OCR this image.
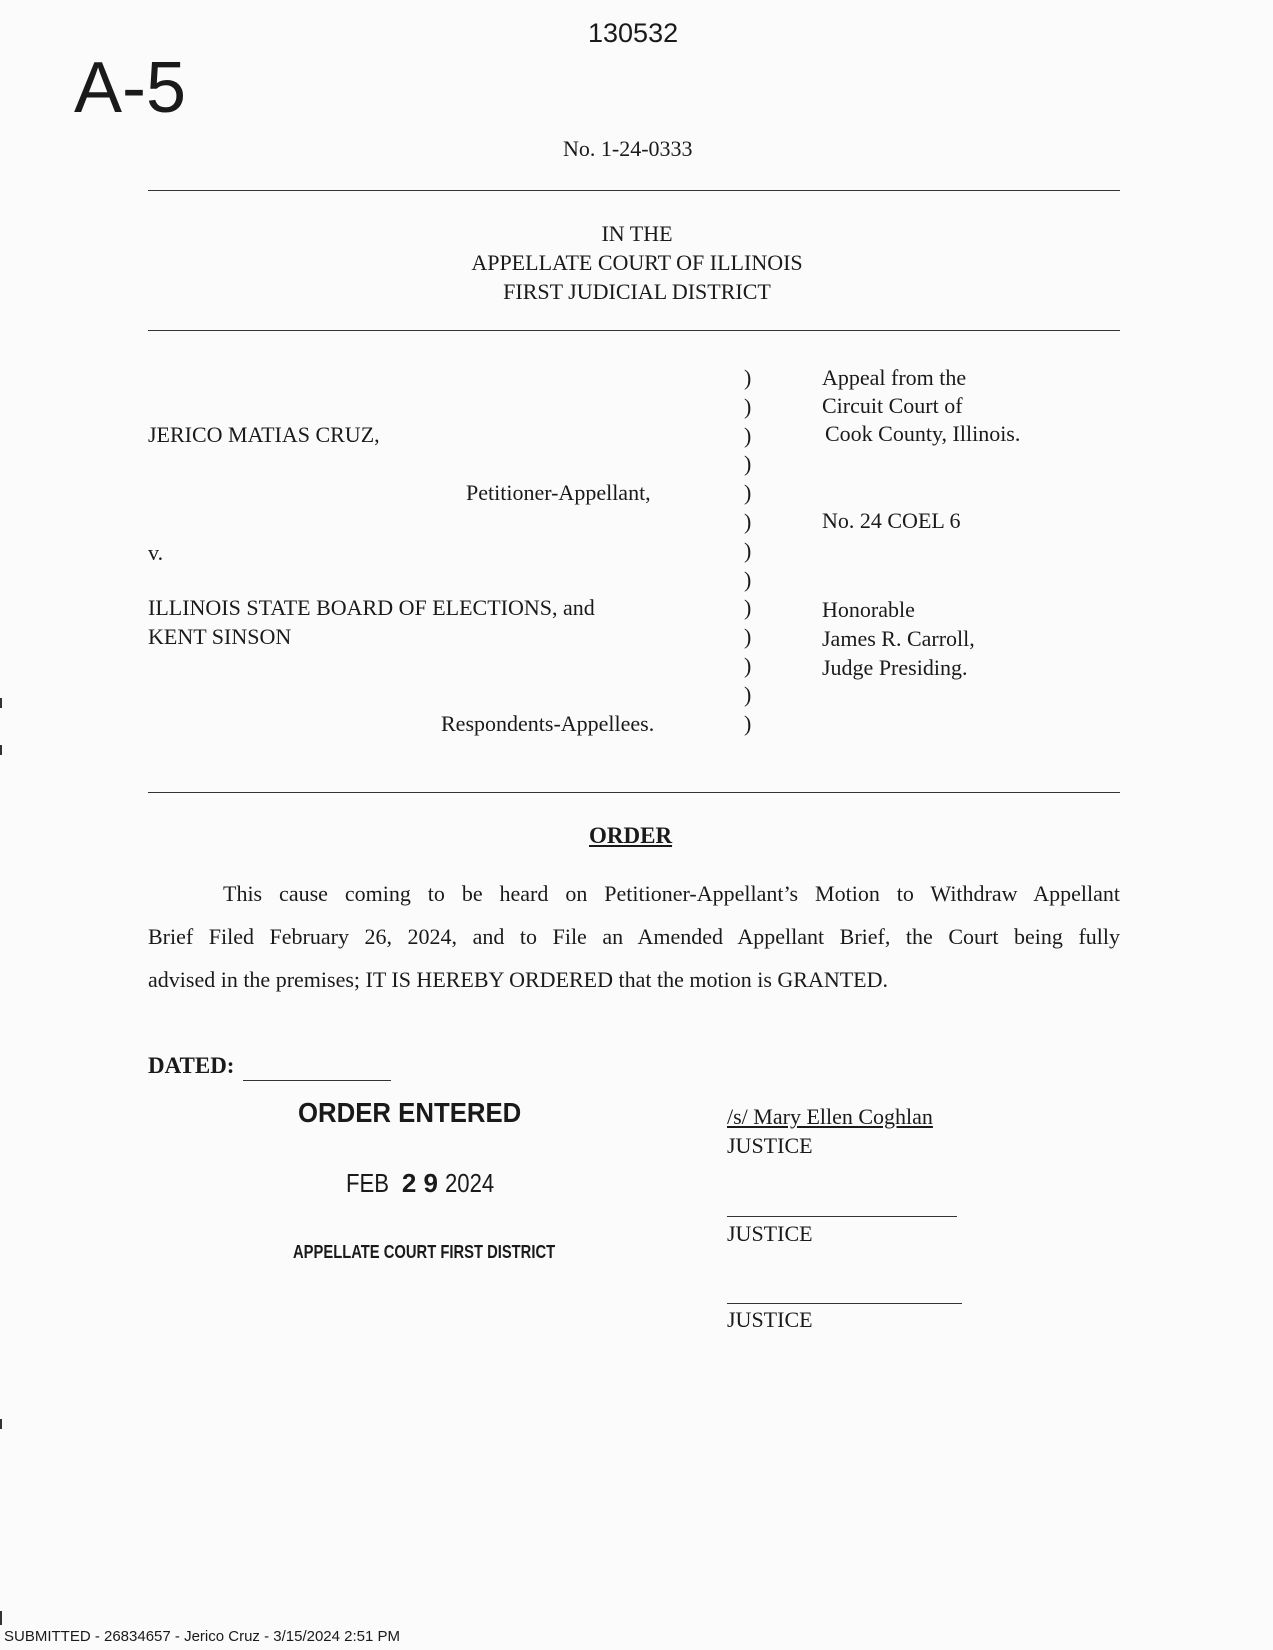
130532
A-5
No. 1-24-0333
IN THE
APPELLATE COURT OF ILLINOIS
FIRST JUDICIAL DISTRICT
JERICO MATIAS CRUZ,
Petitioner-Appellant,
v.
ILLINOIS STATE BOARD OF ELECTIONS, and
KENT SINSON
Respondents-Appellees.
)
)
)
)
)
)
)
)
)
)
)
)
)
Appeal from the
Circuit Court of
Cook County, Illinois.
No. 24 COEL 6
Honorable
James R. Carroll,
Judge Presiding.
ORDER
This cause coming to be heard on Petitioner-Appellant’s Motion to Withdraw Appellant
Brief Filed February 26, 2024, and to File an Amended Appellant Brief, the Court being fully
advised in the premises; IT IS HEREBY ORDERED that the motion is GRANTED.
DATED:
ORDER ENTERED
FEB 2 9 2024
APPELLATE COURT FIRST DISTRICT
/s/ Mary Ellen Coghlan
JUSTICE
JUSTICE
JUSTICE
SUBMITTED - 26834657 - Jerico Cruz - 3/15/2024 2:51 PM
